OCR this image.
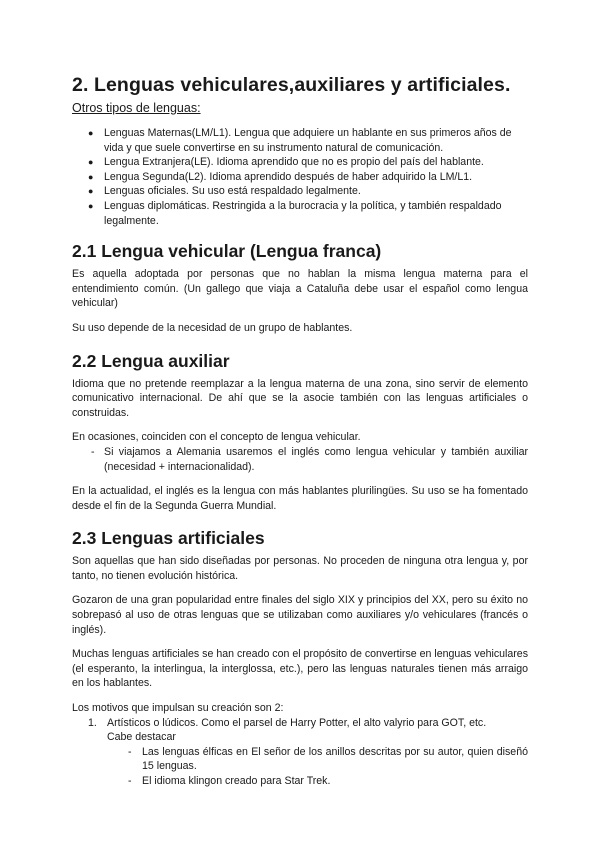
2. Lenguas vehiculares,auxiliares y artificiales.
Otros tipos de lenguas:
● Lenguas Maternas(LM/L1). Lengua que adquiere un hablante en sus primeros años de vida y que suele convertirse en su instrumento natural de comunicación.
● Lengua Extranjera(LE). Idioma aprendido que no es propio del país del hablante.
● Lengua Segunda(L2). Idioma aprendido después de haber adquirido la LM/L1.
● Lenguas oficiales. Su uso está respaldado legalmente.
● Lenguas diplomáticas. Restringida a la burocracia y la política, y también respaldado legalmente.
2.1 Lengua vehicular (Lengua franca)

Es aquella adoptada por personas que no hablan la misma lengua materna para el entendimiento común. (Un gallego que viaja a Cataluña debe usar el español como lengua vehicular)

Su uso depende de la necesidad de un grupo de hablantes.

2.2 Lengua auxiliar

Idioma que no pretende reemplazar a la lengua materna de una zona, sino servir de elemento comunicativo internacional. De ahí que se la asocie también con las lenguas artificiales o construidas.

En ocasiones, coinciden con el concepto de lengua vehicular.

- Si viajamos a Alemania usaremos el inglés como lengua vehicular y también auxiliar (necesidad + internacionalidad).

En la actualidad, el inglés es la lengua con más hablantes plurilingües. Su uso se ha fomentado desde el fin de la Segunda Guerra Mundial.

2.3 Lenguas artificiales

Son aquellas que han sido diseñadas por personas. No proceden de ninguna otra lengua y, por tanto, no tienen evolución histórica.

Gozaron de una gran popularidad entre finales del siglo XIX y principios del XX, pero su éxito no sobrepasó al uso de otras lenguas que se utilizaban como auxiliares y/o vehiculares (francés o inglés).

Muchas lenguas artificiales se han creado con el propósito de convertirse en lenguas vehiculares (el esperanto, la interlingua, la interglossa, etc.), pero las lenguas naturales tienen más arraigo en los hablantes.

Los motivos que impulsan su creación son 2:

1. Artísticos o lúdicos. Como el parsel de Harry Potter, el alto valyrio para GOT, etc.
Cabe destacar
- Las lenguas élficas en El señor de los anillos descritas por su autor, quien diseñó 15 lenguas.
- El idioma klingon creado para Star Trek.
